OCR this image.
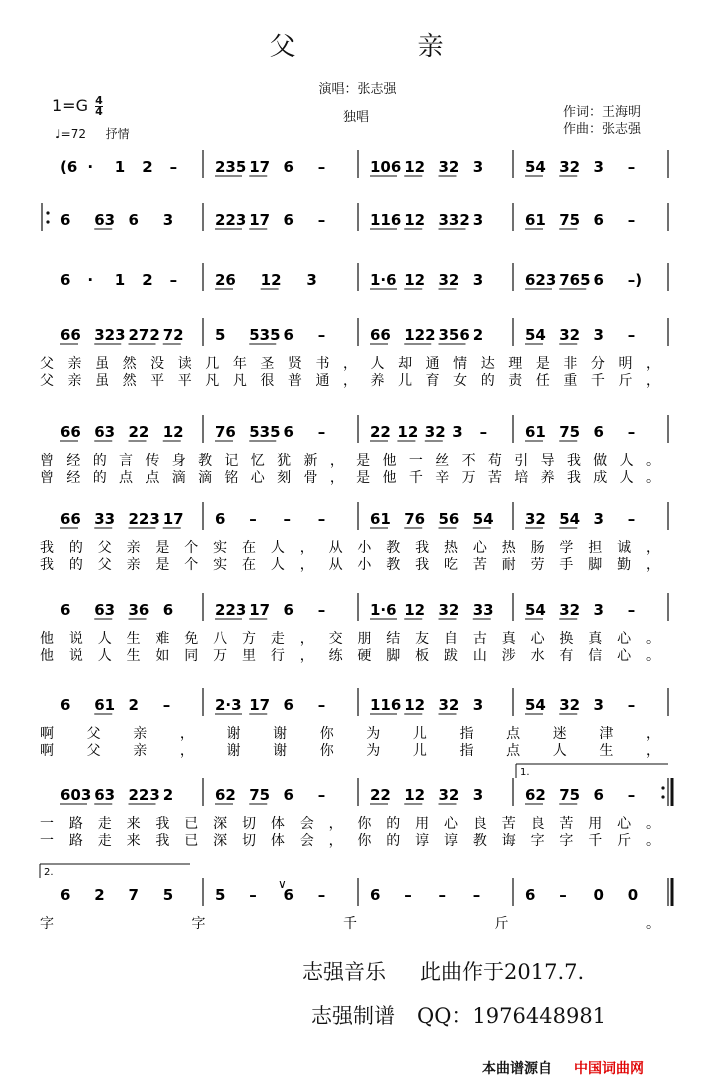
父	亲
演唱：张志强
$1=G \frac{4}{4}$
♩=72 抒情
独唱	作词：王海明
作曲：张志强
(6 · 1 2 –	235 17 6 –	106 12 32 3	54 32 3 –
6 63 6 3	223 17 6 –	116 12 332 3	61 75 6 –
6 · 1 2 –	26 12 3	1·6 12 32 3	623 765 6 –)
66 323 272 72 5 535 6 –	66 122 356 2	54 32 3 –
父亲虽然没读几年圣贤书，人却通情达理是非分明，
父亲虽然平平凡凡很普通，养儿育女的责任重千斤，
66 63 22 12 76 535 6 –	22 12 32 3 –	61 75 6 –
曾经的言传身教记忆犹新，是他一丝不苟引导我做人。
曾经的点点滴滴铭心刻骨，是他千辛万苦培养我成人。
66 33 223 17 6 – – –	61 76 56 54 32 54 3 –
我的父亲是个实在人，从小教我热心热肠学担诚，
我的父亲是个实在人，从小教我吃苦耐劳手脚勤，
6 63 36 6	223 17 6 –	1·6 12 32 33 54 32 3 –
他说人生难免八方走，交朋结友自古真心换真心。
他说人生如同万里行，练硬脚板跋山涉水有信心。
6 61 2 –	2·3 17 6 –	116 12 32 3	54 32 3 –
啊父亲，谢谢你为儿指点迷津，
啊父亲，谢谢你为儿指点人生，
603 63 223 2	62 75 6 –	22 12 32 3	62 75 6 –
1.
一路走来我已深切体会，你的用心良苦良苦用心。
一路走来我已深切体会，你的谆谆教诲字字千斤。
6 2 7 5	5 – 6 –	6 – – –	6 – 0 0
2.
∨
字字千斤。
志强音乐 此曲作于2017.7.
志强制谱 QQ：1976448981
本曲谱源自 中国词曲网
